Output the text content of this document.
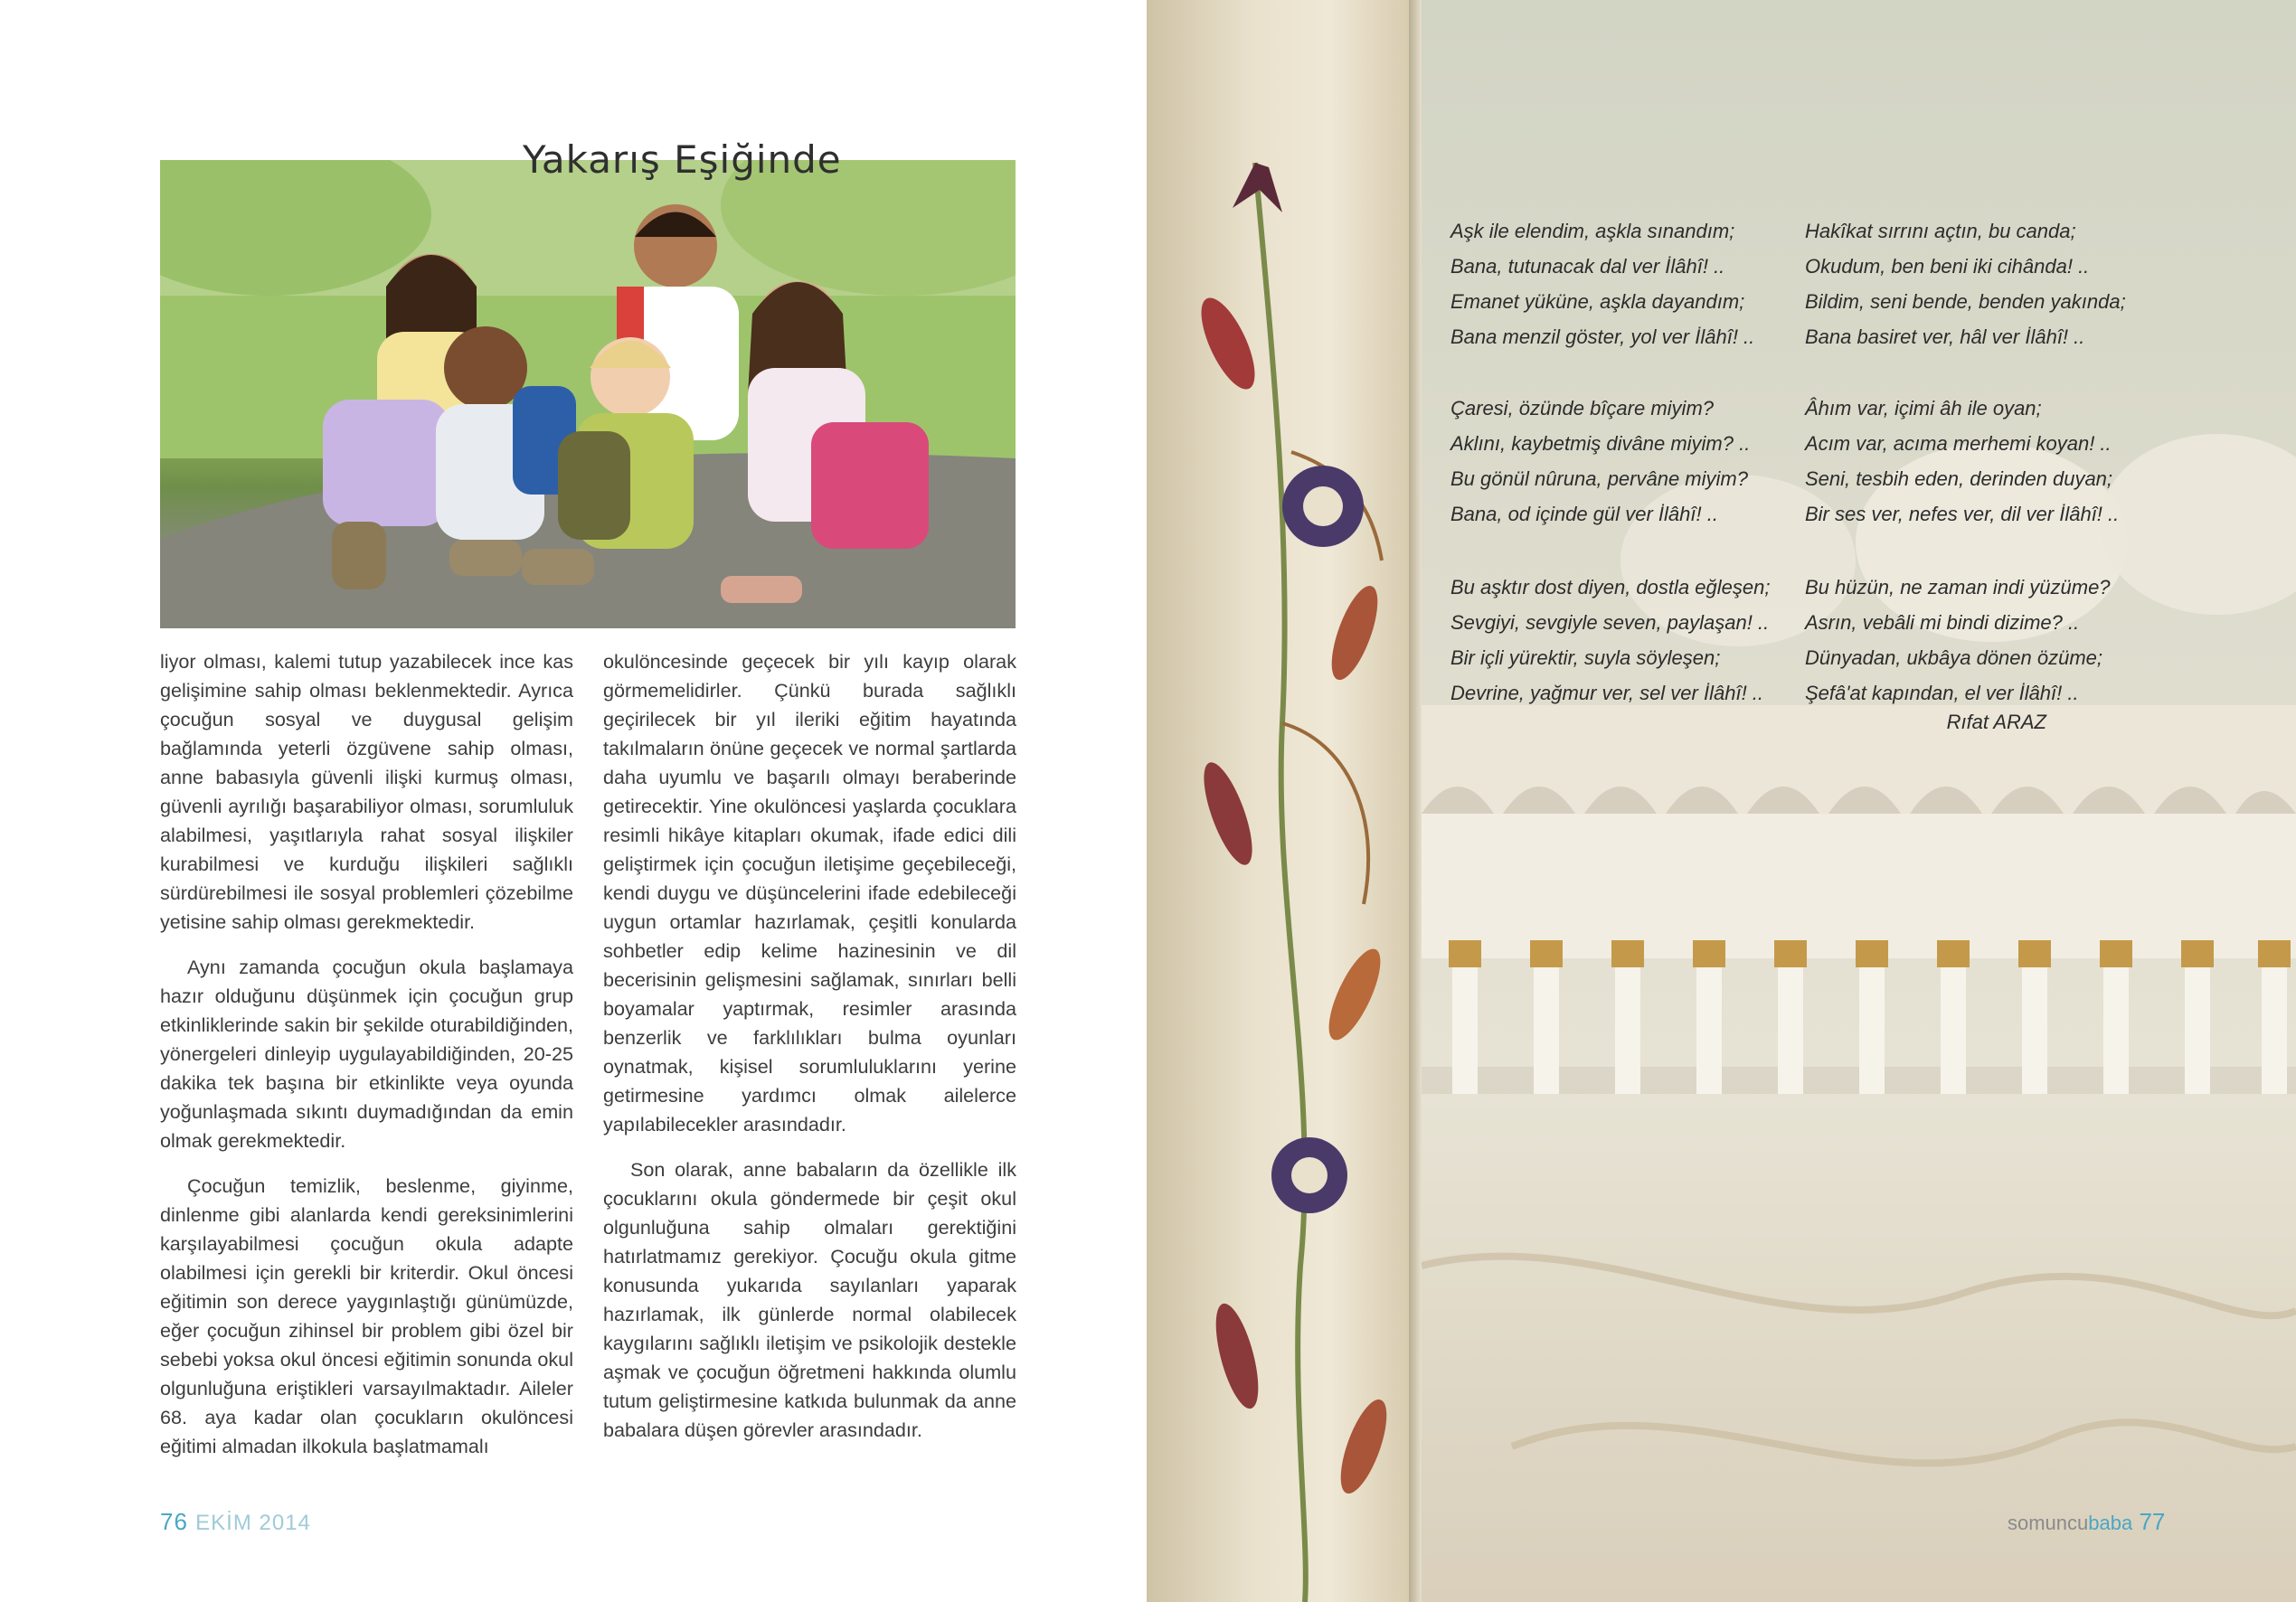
liyor olması, kalemi tutup yazabilecek ince kas gelişimine sahip olması beklenmektedir. Ayrıca çocuğun sosyal ve duygusal gelişim bağlamında yeterli özgüvene sahip olması, anne babasıyla güvenli ilişki kurmuş olması, güvenli ayrılığı başarabiliyor olması, sorumluluk alabilmesi, yaşıtlarıyla rahat sosyal ilişkiler kurabilmesi ve kurduğu ilişkileri sağlıklı sürdürebilmesi ile sosyal problemleri çözebilme yetisine sahip olması gerekmektedir.

Aynı zamanda çocuğun okula başlamaya hazır olduğunu düşünmek için çocuğun grup etkinliklerinde sakin bir şekilde oturabildiğinden, yönergeleri dinleyip uygulayabildiğinden, 20-25 dakika tek başına bir etkinlikte veya oyunda yoğunlaşmada sıkıntı duymadığından da emin olmak gerekmektedir.

Çocuğun temizlik, beslenme, giyinme, dinlenme gibi alanlarda kendi gereksinimlerini karşılayabilmesi çocuğun okula adapte olabilmesi için gerekli bir kriterdir. Okul öncesi eğitimin son derece yaygınlaştığı günümüzde, eğer çocuğun zihinsel bir problem gibi özel bir sebebi yoksa okul öncesi eğitimin sonunda okul olgunluğuna eriştikleri varsayılmaktadır. Aileler 68. aya kadar olan çocukların okulöncesi eğitimi almadan ilkokula başlatmamalı

okulöncesinde geçecek bir yılı kayıp olarak görmemelidirler. Çünkü burada sağlıklı geçirilecek bir yıl ileriki eğitim hayatında takılmaların önüne geçecek ve normal şartlarda daha uyumlu ve başarılı olmayı beraberinde getirecektir. Yine okulöncesi yaşlarda çocuklara resimli hikâye kitapları okumak, ifade edici dili geliştirmek için çocuğun iletişime geçebileceği, kendi duygu ve düşüncelerini ifade edebileceği uygun ortamlar hazırlamak, çeşitli konularda sohbetler edip kelime hazinesinin ve dil becerisinin gelişmesini sağlamak, sınırları belli boyamalar yaptırmak, resimler arasında benzerlik ve farklılıkları bulma oyunları oynatmak, kişisel sorumluluklarını yerine getirmesine yardımcı olmak ailelerce yapılabilecekler arasındadır.

Son olarak, anne babaların da özellikle ilk çocuklarını okula göndermede bir çeşit okul olgunluğuna sahip olmaları gerektiğini hatırlatmamız gerekiyor. Çocuğu okula gitme konusunda yukarıda sayılanları yaparak hazırlamak, ilk günlerde normal olabilecek kaygılarını sağlıklı iletişim ve psikolojik destekle aşmak ve çocuğun öğretmeni hakkında olumlu tutum geliştirmesine katkıda bulunmak da anne babalara düşen görevler arasındadır.

76 EKİM 2014
Yakarış Eşiğinde
Aşk ile elendim, aşkla sınandım;
Bana, tutunacak dal ver İlâhî! ..
Emanet yüküne, aşkla dayandım;
Bana menzil göster, yol ver İlâhî! ..
Hakîkat sırrını açtın, bu canda;
Okudum, ben beni iki cihânda! ..
Bildim, seni bende, benden yakında;
Bana basiret ver, hâl ver İlâhî! ..
Çaresi, özünde bîçare miyim?
Aklını, kaybetmiş divâne miyim? ..
Bu gönül nûruna, pervâne miyim?
Bana, od içinde gül ver İlâhî! ..
Âhım var, içimi âh ile oyan;
Acım var, acıma merhemi koyan! ..
Seni, tesbih eden, derinden duyan;
Bir ses ver, nefes ver, dil ver İlâhî! ..
Bu aşktır dost diyen, dostla eğleşen;
Sevgiyi, sevgiyle seven, paylaşan! ..
Bir içli yürektir, suyla söyleşen;
Devrine, yağmur ver, sel ver İlâhî! ..
Bu hüzün, ne zaman indi yüzüme?
Asrın, vebâli mi bindi dizime? ..
Dünyadan, ukbâya dönen özüme;
Şefâ'at kapından, el ver İlâhî! ..
Rıfat ARAZ
somuncubaba 77
